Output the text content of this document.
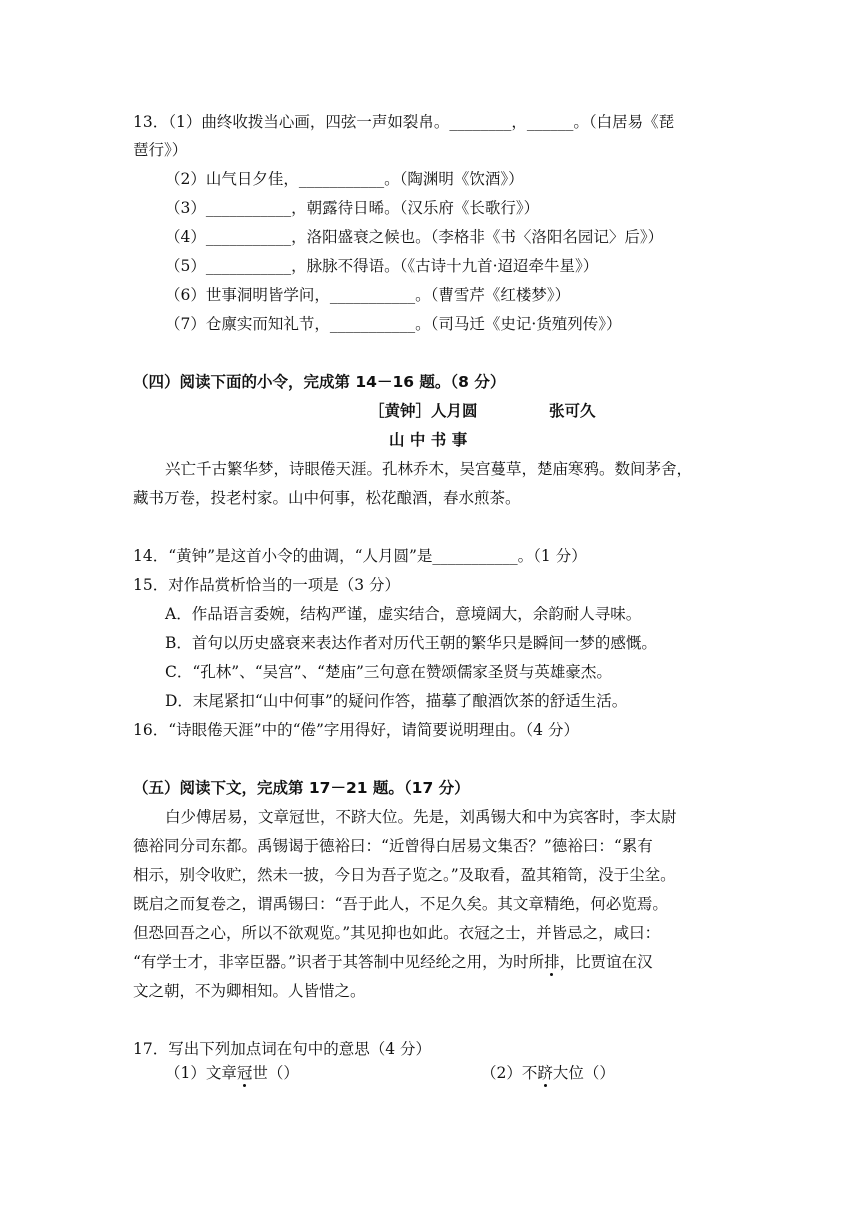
13．（1）曲终收拨当心画，四弦一声如裂帛。________，______。（白居易《琵
琶行》）
（2）山气日夕佳，___________。（陶渊明《饮酒》）
（3）___________，朝露待日晞。（汉乐府《长歌行》）
（4）___________，洛阳盛衰之候也。（李格非《书〈洛阳名园记〉后》）
（5）___________，脉脉不得语。（《古诗十九首·迢迢牵牛星》）
（6）世事洞明皆学问，___________。（曹雪芹《红楼梦》）
（7）仓廪实而知礼节，___________。（司马迁《史记·货殖列传》）
（四）阅读下面的小令，完成第 14－16 题。（8 分）
［黄钟］人月圆	张可久
山 中 书 事
兴亡千古繁华梦，诗眼倦天涯。孔林乔木，吴宫蔓草，楚庙寒鸦。数间茅舍，
藏书万卷，投老村家。山中何事，松花酿酒，春水煎茶。
14．“黄钟”是这首小令的曲调，“人月圆”是___________。（1 分）
15．对作品赏析恰当的一项是（3 分）
A．作品语言委婉，结构严谨，虚实结合，意境阔大，余韵耐人寻味。
B．首句以历史盛衰来表达作者对历代王朝的繁华只是瞬间一梦的感慨。
C．“孔林”、“吴宫”、“楚庙”三句意在赞颂儒家圣贤与英雄豪杰。
D．末尾紧扣“山中何事”的疑问作答，描摹了酿酒饮茶的舒适生活。
16．“诗眼倦天涯”中的“倦”字用得好，请简要说明理由。（4 分）
（五）阅读下文，完成第 17－21 题。（17 分）
白少傅居易，文章冠世，不跻大位。先是，刘禹锡大和中为宾客时，李太尉
德裕同分司东都。禹锡谒于德裕曰：“近曾得白居易文集否？”德裕曰：“累有
相示，别令收贮，然未一披，今日为吾子览之。”及取看，盈其箱笥，没于尘坌。
既启之而复卷之，谓禹锡曰：“吾于此人，不足久矣。其文章精绝，何必览焉。
但恐回吾之心，所以不欲观览。”其见抑也如此。衣冠之士，并皆忌之，咸曰：
“有学士才，非宰臣器。”识者于其答制中见经纶之用，为时所排，比贾谊在汉
文之朝，不为卿相知。人皆惜之。
17．写出下列加点词在句中的意思（4 分）
（1）文章冠世（）	（2）不跻大位（）
